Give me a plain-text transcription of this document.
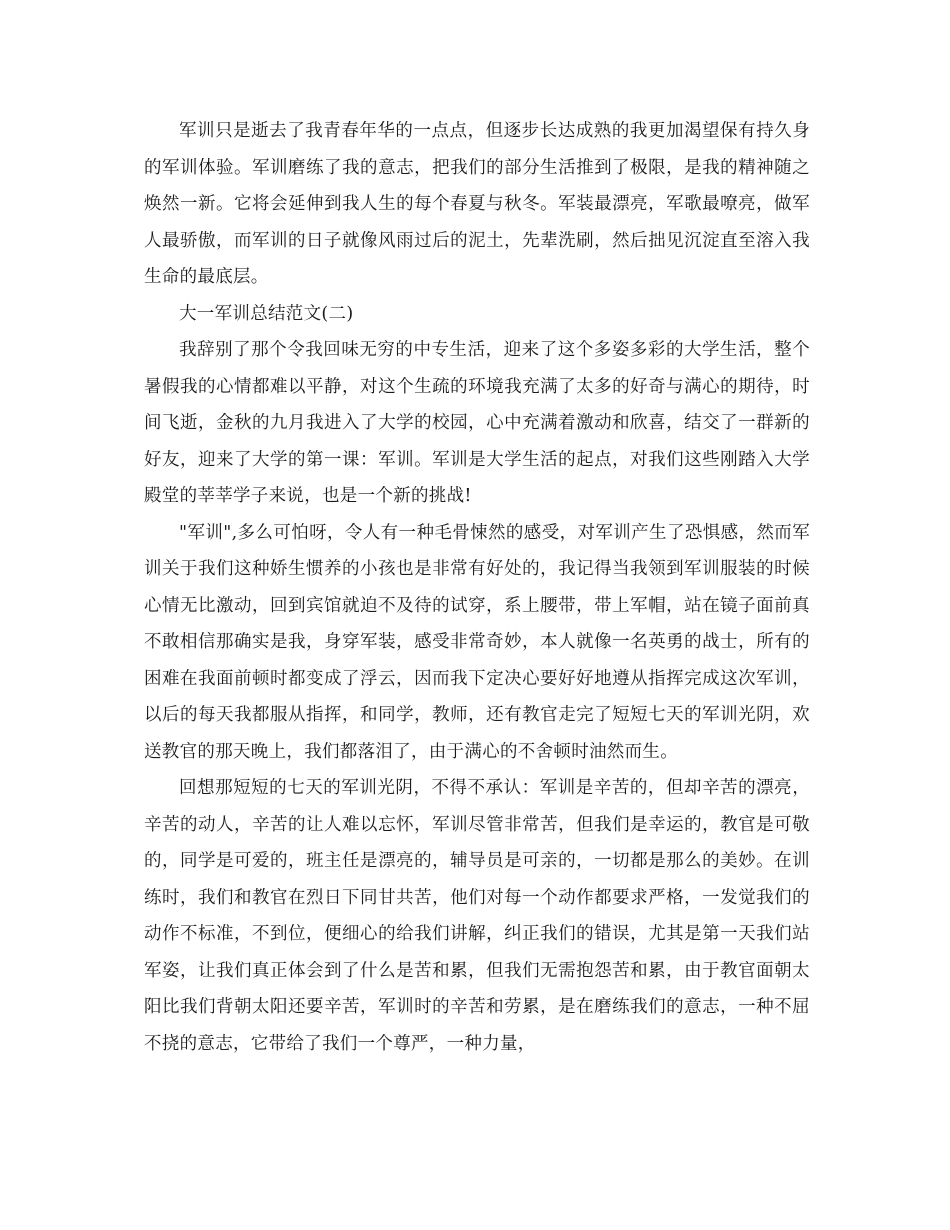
军训只是逝去了我青春年华的一点点，但逐步长达成熟的我更加渴望保有持久身的军训体验。军训磨练了我的意志，把我们的部分生活推到了极限，是我的精神随之焕然一新。它将会延伸到我人生的每个春夏与秋冬。军装最漂亮，军歌最嘹亮，做军人最骄傲，而军训的日子就像风雨过后的泥土，先辈洗刷，然后拙见沉淀直至溶入我生命的最底层。

大一军训总结范文(二)

我辞别了那个令我回味无穷的中专生活，迎来了这个多姿多彩的大学生活，整个暑假我的心情都难以平静，对这个生疏的环境我充满了太多的好奇与满心的期待，时间飞逝，金秋的九月我进入了大学的校园，心中充满着激动和欣喜，结交了一群新的好友，迎来了大学的第一课：军训。军训是大学生活的起点，对我们这些刚踏入大学殿堂的莘莘学子来说，也是一个新的挑战!

"军训",多么可怕呀，令人有一种毛骨悚然的感受，对军训产生了恐惧感，然而军训关于我们这种娇生惯养的小孩也是非常有好处的，我记得当我领到军训服装的时候心情无比激动，回到宾馆就迫不及待的试穿，系上腰带，带上军帽，站在镜子面前真不敢相信那确实是我，身穿军装，感受非常奇妙，本人就像一名英勇的战士，所有的困难在我面前顿时都变成了浮云，因而我下定决心要好好地遵从指挥完成这次军训，以后的每天我都服从指挥，和同学，教师，还有教官走完了短短七天的军训光阴，欢送教官的那天晚上，我们都落泪了，由于满心的不舍顿时油然而生。

回想那短短的七天的军训光阴，不得不承认：军训是辛苦的，但却辛苦的漂亮，辛苦的动人，辛苦的让人难以忘怀，军训尽管非常苦，但我们是幸运的，教官是可敬的，同学是可爱的，班主任是漂亮的，辅导员是可亲的，一切都是那么的美妙。在训练时，我们和教官在烈日下同甘共苦，他们对每一个动作都要求严格，一发觉我们的动作不标准，不到位，便细心的给我们讲解，纠正我们的错误，尤其是第一天我们站军姿，让我们真正体会到了什么是苦和累，但我们无需抱怨苦和累，由于教官面朝太阳比我们背朝太阳还要辛苦，军训时的辛苦和劳累，是在磨练我们的意志，一种不屈不挠的意志，它带给了我们一个尊严，一种力量，
